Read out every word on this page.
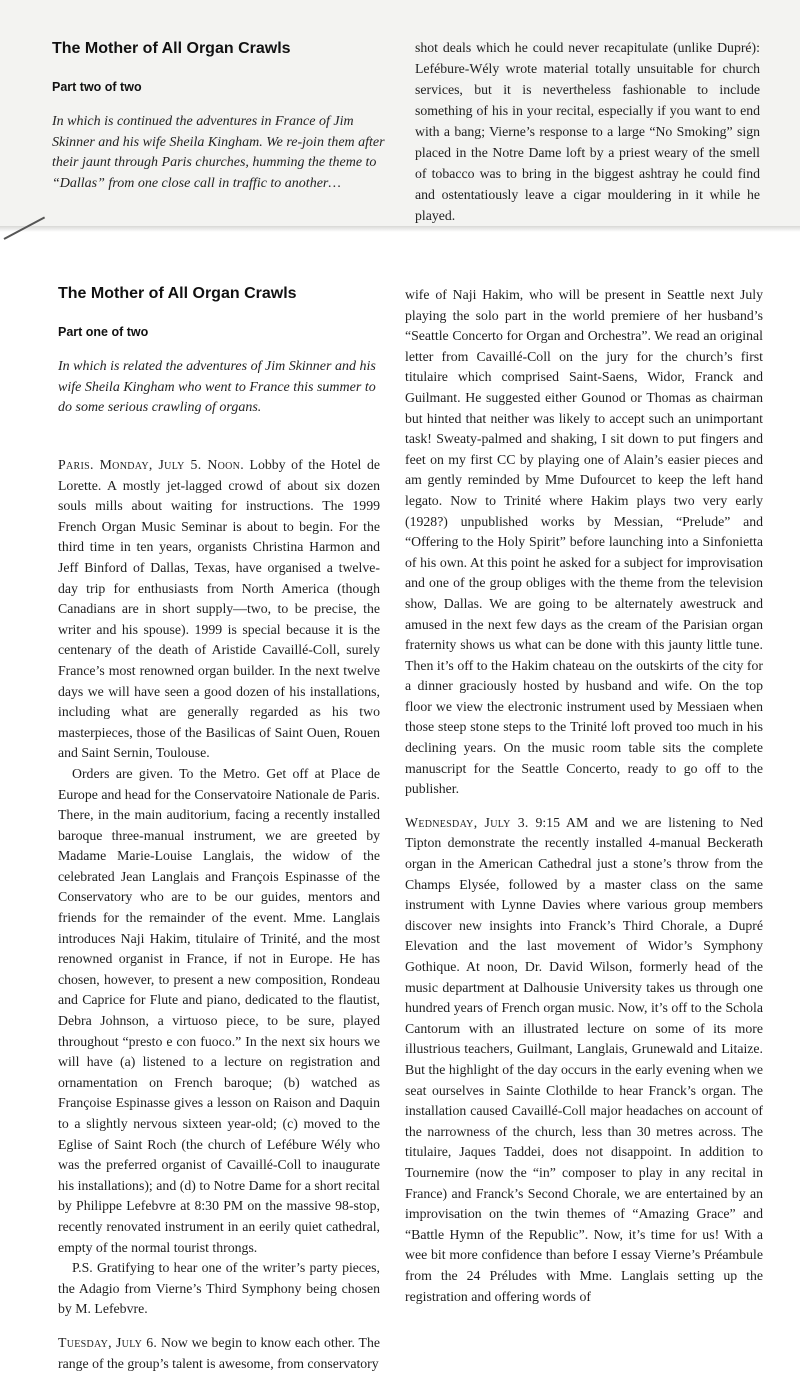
The Mother of All Organ Crawls
Part two of two
In which is continued the adventures in France of Jim Skinner and his wife Sheila Kingham. We re-join them after their jaunt through Paris churches, humming the theme to “Dallas” from one close call in traffic to another…

shot deals which he could never recapitulate (unlike Dupré): Lefébure-Wély wrote material totally unsuitable for church services, but it is nevertheless fashionable to include something of his in your recital, especially if you want to end with a bang; Vierne’s response to a large “No Smoking” sign placed in the Notre Dame loft by a priest weary of the smell of tobacco was to bring in the biggest ashtray he could find and ostentatiously leave a cigar mouldering in it while he played.

The Mother of All Organ Crawls
Part one of two
In which is related the adventures of Jim Skinner and his wife Sheila Kingham who went to France this summer to do some serious crawling of organs.

Paris. Monday, July 5. Noon. Lobby of the Hotel de Lorette. A mostly jet-lagged crowd of about six dozen souls mills about waiting for instructions. The 1999 French Organ Music Seminar is about to begin. For the third time in ten years, organists Christina Harmon and Jeff Binford of Dallas, Texas, have organised a twelve-day trip for enthusiasts from North America (though Canadians are in short supply—two, to be precise, the writer and his spouse). 1999 is special because it is the centenary of the death of Aristide Cavaillé-Coll, surely France’s most renowned organ builder. In the next twelve days we will have seen a good dozen of his installations, including what are generally regarded as his two masterpieces, those of the Basilicas of Saint Ouen, Rouen and Saint Sernin, Toulouse.

Orders are given. To the Metro. Get off at Place de Europe and head for the Conservatoire Nationale de Paris. There, in the main auditorium, facing a recently installed baroque three-manual instrument, we are greeted by Madame Marie-Louise Langlais, the widow of the celebrated Jean Langlais and François Espinasse of the Conservatory who are to be our guides, mentors and friends for the remainder of the event. Mme. Langlais introduces Naji Hakim, titulaire of Trinité, and the most renowned organist in France, if not in Europe. He has chosen, however, to present a new composition, Rondeau and Caprice for Flute and piano, dedicated to the flautist, Debra Johnson, a virtuoso piece, to be sure, played throughout “presto e con fuoco.” In the next six hours we will have (a) listened to a lecture on registration and ornamentation on French baroque; (b) watched as Françoise Espinasse gives a lesson on Raison and Daquin to a slightly nervous sixteen year-old; (c) moved to the Eglise of Saint Roch (the church of Lefébure Wély who was the preferred organist of Cavaillé-Coll to inaugurate his installations); and (d) to Notre Dame for a short recital by Philippe Lefebvre at 8:30 PM on the massive 98-stop, recently renovated instrument in an eerily quiet cathedral, empty of the normal tourist throngs.

P.S. Gratifying to hear one of the writer’s party pieces, the Adagio from Vierne’s Third Symphony being chosen by M. Lefebvre.

Tuesday, July 6. Now we begin to know each other. The range of the group’s talent is awesome, from conservatory

wife of Naji Hakim, who will be present in Seattle next July playing the solo part in the world premiere of her husband’s “Seattle Concerto for Organ and Orchestra”. We read an original letter from Cavaillé-Coll on the jury for the church’s first titulaire which comprised Saint-Saens, Widor, Franck and Guilmant. He suggested either Gounod or Thomas as chairman but hinted that neither was likely to accept such an unimportant task! Sweaty-palmed and shaking, I sit down to put fingers and feet on my first CC by playing one of Alain’s easier pieces and am gently reminded by Mme Dufourcet to keep the left hand legato. Now to Trinité where Hakim plays two very early (1928?) unpublished works by Messian, “Prelude” and “Offering to the Holy Spirit” before launching into a Sinfonietta of his own. At this point he asked for a subject for improvisation and one of the group obliges with the theme from the television show, Dallas. We are going to be alternately awestruck and amused in the next few days as the cream of the Parisian organ fraternity shows us what can be done with this jaunty little tune. Then it’s off to the Hakim chateau on the outskirts of the city for a dinner graciously hosted by husband and wife. On the top floor we view the electronic instrument used by Messiaen when those steep stone steps to the Trinité loft proved too much in his declining years. On the music room table sits the complete manuscript for the Seattle Concerto, ready to go off to the publisher.

Wednesday, July 3. 9:15 AM and we are listening to Ned Tipton demonstrate the recently installed 4-manual Beckerath organ in the American Cathedral just a stone’s throw from the Champs Elysée, followed by a master class on the same instrument with Lynne Davies where various group members discover new insights into Franck’s Third Chorale, a Dupré Elevation and the last movement of Widor’s Symphony Gothique. At noon, Dr. David Wilson, formerly head of the music department at Dalhousie University takes us through one hundred years of French organ music. Now, it’s off to the Schola Cantorum with an illustrated lecture on some of its more illustrious teachers, Guilmant, Langlais, Grunewald and Litaize. But the highlight of the day occurs in the early evening when we seat ourselves in Sainte Clothilde to hear Franck’s organ. The installation caused Cavaillé-Coll major headaches on account of the narrowness of the church, less than 30 metres across. The titulaire, Jaques Taddei, does not disappoint. In addition to Tournemire (now the “in” composer to play in any recital in France) and Franck’s Second Chorale, we are entertained by an improvisation on the twin themes of “Amazing Grace” and “Battle Hymn of the Republic”. Now, it’s time for us! With a wee bit more confidence than before I essay Vierne’s Préambule from the 24 Préludes with Mme. Langlais setting up the registration and offering words of
